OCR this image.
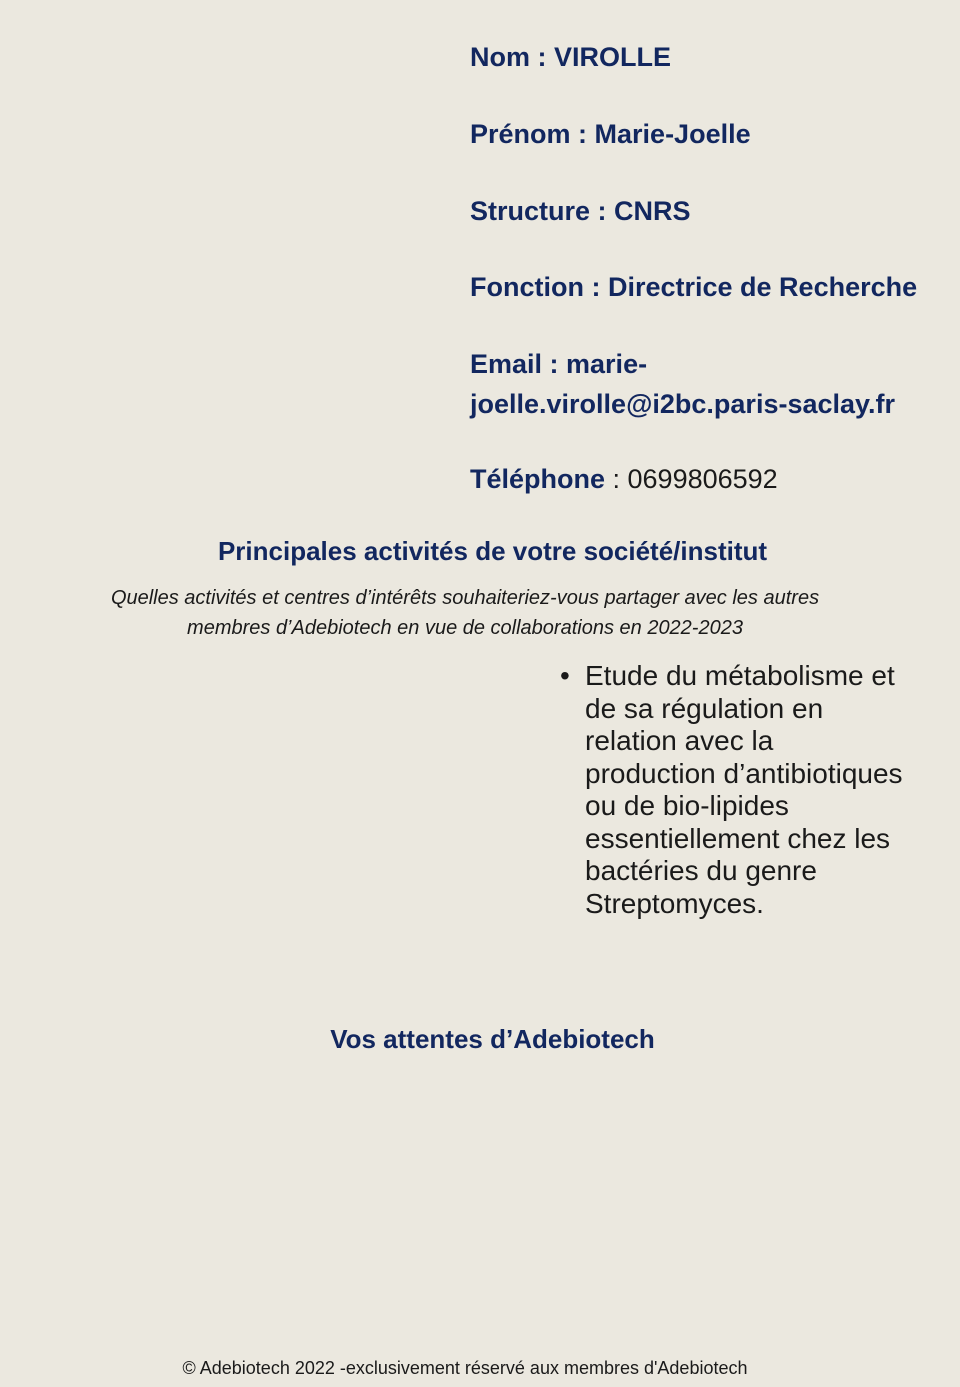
Nom : VIROLLE
Prénom : Marie-Joelle
Structure : CNRS
Fonction : Directrice de Recherche
Email : marie-joelle.virolle@i2bc.paris-saclay.fr
Téléphone : 0699806592
Principales activités de votre société/institut
Quelles activités et centres d’intérêts souhaiteriez-vous partager avec les autres
membres d’Adebiotech en vue de collaborations en 2022-2023
• Etude du métabolisme et de sa régulation en relation avec la production d’antibiotiques ou de bio-lipides essentiellement chez les bactéries du genre Streptomyces.
Vos attentes d’Adebiotech
© Adebiotech 2022 -exclusivement réservé aux membres d'Adebiotech
